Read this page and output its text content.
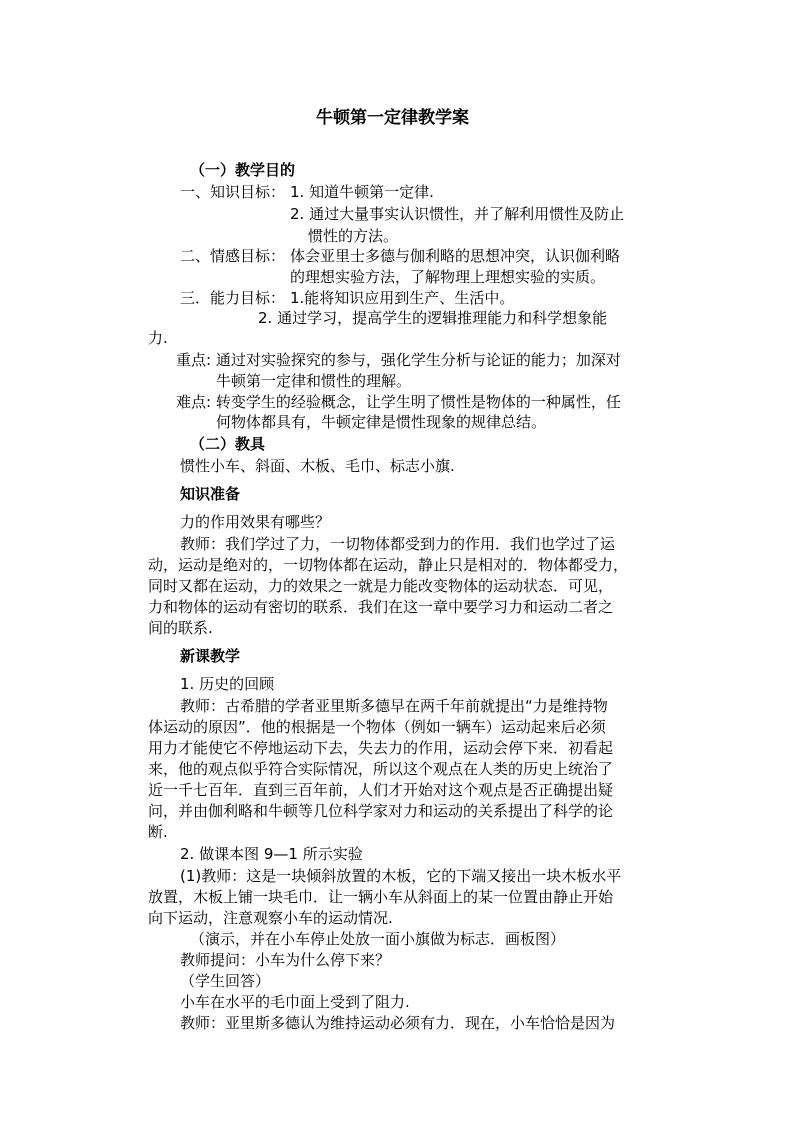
牛顿第一定律教学案
（一）教学目的
一、知识目标： 1. 知道牛顿第一定律.
2. 通过大量事实认识惯性，并了解利用惯性及防止
惯性的方法。
二、情感目标： 体会亚里士多德与伽利略的思想冲突，认识伽利略
的理想实验方法，了解物理上理想实验的实质。
三．能力目标： 1.能将知识应用到生产、生活中。
2. 通过学习，提高学生的逻辑推理能力和科学想象能
力.
重点: 通过对实验探究的参与，强化学生分析与论证的能力；加深对
牛顿第一定律和惯性的理解。
难点: 转变学生的经验概念，让学生明了惯性是物体的一种属性，任
何物体都具有，牛顿定律是惯性现象的规律总结。
（二）教具
惯性小车、斜面、木板、毛巾、标志小旗.
知识准备
力的作用效果有哪些？
教师：我们学过了力，一切物体都受到力的作用．我们也学过了运
动，运动是绝对的，一切物体都在运动，静止只是相对的．物体都受力，
同时又都在运动，力的效果之一就是力能改变物体的运动状态．可见，
力和物体的运动有密切的联系．我们在这一章中要学习力和运动二者之
间的联系.
新课教学
1. 历史的回顾
教师：古希腊的学者亚里斯多德早在两千年前就提出“力是维持物
体运动的原因”．他的根据是一个物体（例如一辆车）运动起来后必须
用力才能使它不停地运动下去，失去力的作用，运动会停下来．初看起
来，他的观点似乎符合实际情况，所以这个观点在人类的历史上统治了
近一千七百年．直到三百年前，人们才开始对这个观点是否正确提出疑
问，并由伽利略和牛顿等几位科学家对力和运动的关系提出了科学的论
断.
2. 做课本图 9—1 所示实验
(1)教师：这是一块倾斜放置的木板，它的下端又接出一块木板水平
放置，木板上铺一块毛巾．让一辆小车从斜面上的某一位置由静止开始
向下运动，注意观察小车的运动情况.
（演示，并在小车停止处放一面小旗做为标志．画板图）
教师提问：小车为什么停下来？
（学生回答）
小车在水平的毛巾面上受到了阻力.
教师：亚里斯多德认为维持运动必须有力．现在，小车恰恰是因为
